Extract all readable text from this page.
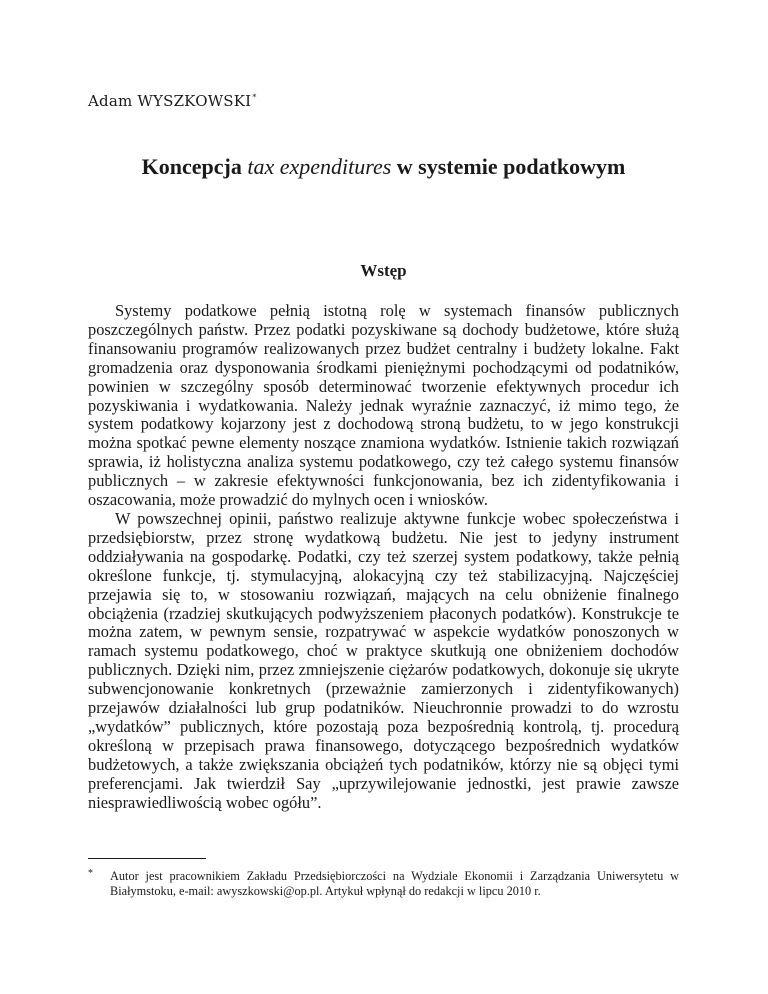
Adam WYSZKOWSKI*
Koncepcja tax expenditures w systemie podatkowym
Wstęp

Systemy podatkowe pełnią istotną rolę w systemach finansów publicznych poszczególnych państw. Przez podatki pozyskiwane są dochody budżetowe, które służą finansowaniu programów realizowanych przez budżet centralny i budżety lokalne. Fakt gromadzenia oraz dysponowania środkami pieniężnymi pochodzącymi od podatników, powinien w szczególny sposób determinować tworzenie efektywnych procedur ich pozyskiwania i wydatkowania. Należy jednak wyraźnie zaznaczyć, iż mimo tego, że system podatkowy kojarzony jest z dochodową stroną budżetu, to w jego konstrukcji można spotkać pewne elementy noszące znamiona wydatków. Istnienie takich rozwiązań sprawia, iż holistyczna analiza systemu podatkowego, czy też całego systemu finansów publicznych – w zakresie efektywności funkcjonowania, bez ich zidentyfikowania i oszacowania, może prowadzić do mylnych ocen i wniosków.

W powszechnej opinii, państwo realizuje aktywne funkcje wobec społeczeństwa i przedsiębiorstw, przez stronę wydatkową budżetu. Nie jest to jedyny instrument oddziaływania na gospodarkę. Podatki, czy też szerzej system podatkowy, także pełnią określone funkcje, tj. stymulacyjną, alokacyjną czy też stabilizacyjną. Najczęściej przejawia się to, w stosowaniu rozwiązań, mających na celu obniżenie finalnego obciążenia (rzadziej skutkujących podwyższeniem płaconych podatków). Konstrukcje te można zatem, w pewnym sensie, rozpatrywać w aspekcie wydatków ponoszonych w ramach systemu podatkowego, choć w praktyce skutkują one obniżeniem dochodów publicznych. Dzięki nim, przez zmniejszenie ciężarów podatkowych, dokonuje się ukryte subwencjonowanie konkretnych (przeważnie zamierzonych i zidentyfikowanych) przejawów działalności lub grup podatników. Nieuchronnie prowadzi to do wzrostu „wydatków” publicznych, które pozostają poza bezpośrednią kontrolą, tj. procedurą określoną w przepisach prawa finansowego, dotyczącego bezpośrednich wydatków budżetowych, a także zwiększania obciążeń tych podatników, którzy nie są objęci tymi preferencjami. Jak twierdził Say „uprzywilejowanie jednostki, jest prawie zawsze niesprawiedliwością wobec ogółu”.

* Autor jest pracownikiem Zakładu Przedsiębiorczości na Wydziale Ekonomii i Zarządzania Uniwersytetu w Białymstoku, e-mail: awyszkowski@op.pl. Artykuł wpłynął do redakcji w lipcu 2010 r.
